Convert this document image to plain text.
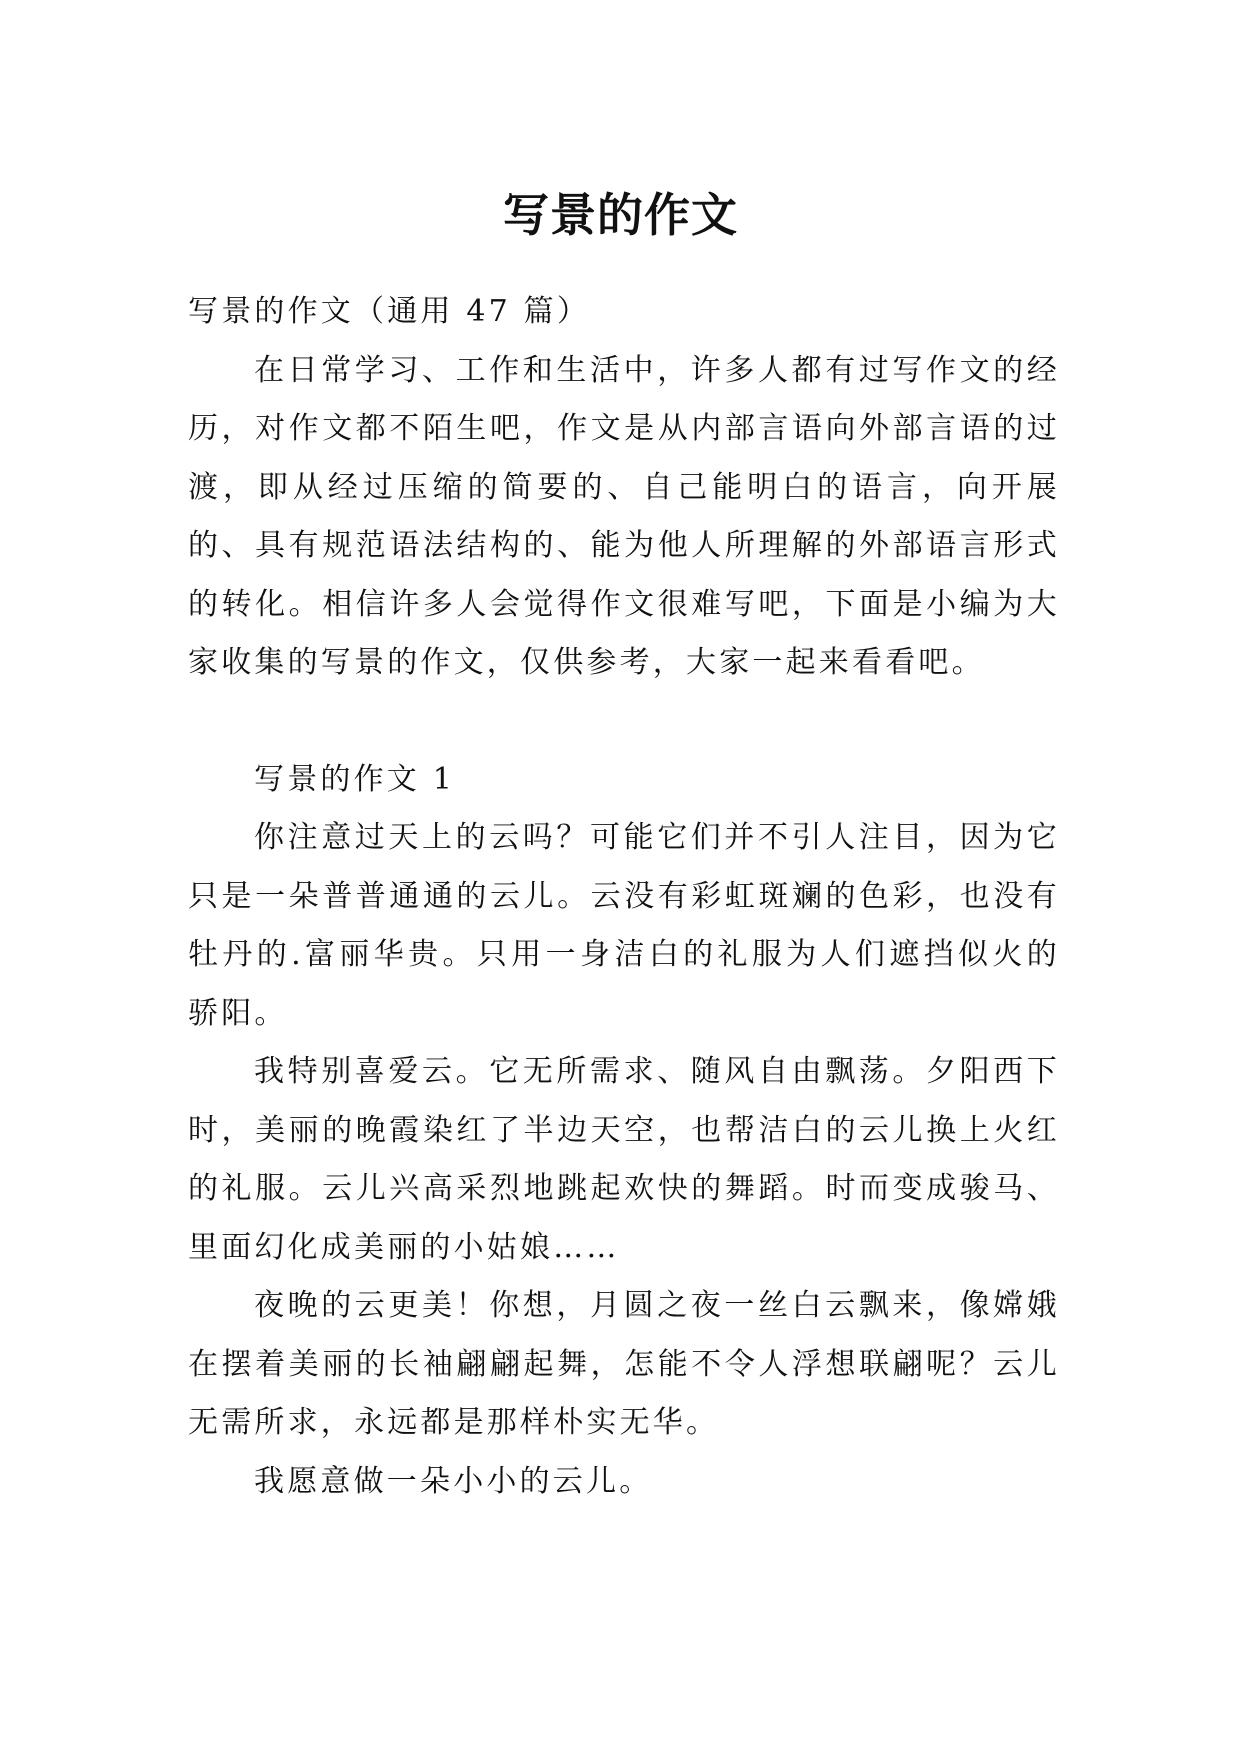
写景的作文

写景的作文（通用 47 篇）

在日常学习、工作和生活中，许多人都有过写作文的经历，对作文都不陌生吧，作文是从内部言语向外部言语的过渡，即从经过压缩的简要的、自己能明白的语言，向开展的、具有规范语法结构的、能为他人所理解的外部语言形式的转化。相信许多人会觉得作文很难写吧，下面是小编为大家收集的写景的作文，仅供参考，大家一起来看看吧。

写景的作文 1

你注意过天上的云吗？可能它们并不引人注目，因为它只是一朵普普通通的云儿。云没有彩虹斑斓的色彩，也没有牡丹的.富丽华贵。只用一身洁白的礼服为人们遮挡似火的骄阳。

我特别喜爱云。它无所需求、随风自由飘荡。夕阳西下时，美丽的晚霞染红了半边天空，也帮洁白的云儿换上火红的礼服。云儿兴高采烈地跳起欢快的舞蹈。时而变成骏马、里面幻化成美丽的小姑娘……

夜晚的云更美！你想，月圆之夜一丝白云飘来，像嫦娥在摆着美丽的长袖翩翩起舞，怎能不令人浮想联翩呢？云儿无需所求，永远都是那样朴实无华。

我愿意做一朵小小的云儿。
